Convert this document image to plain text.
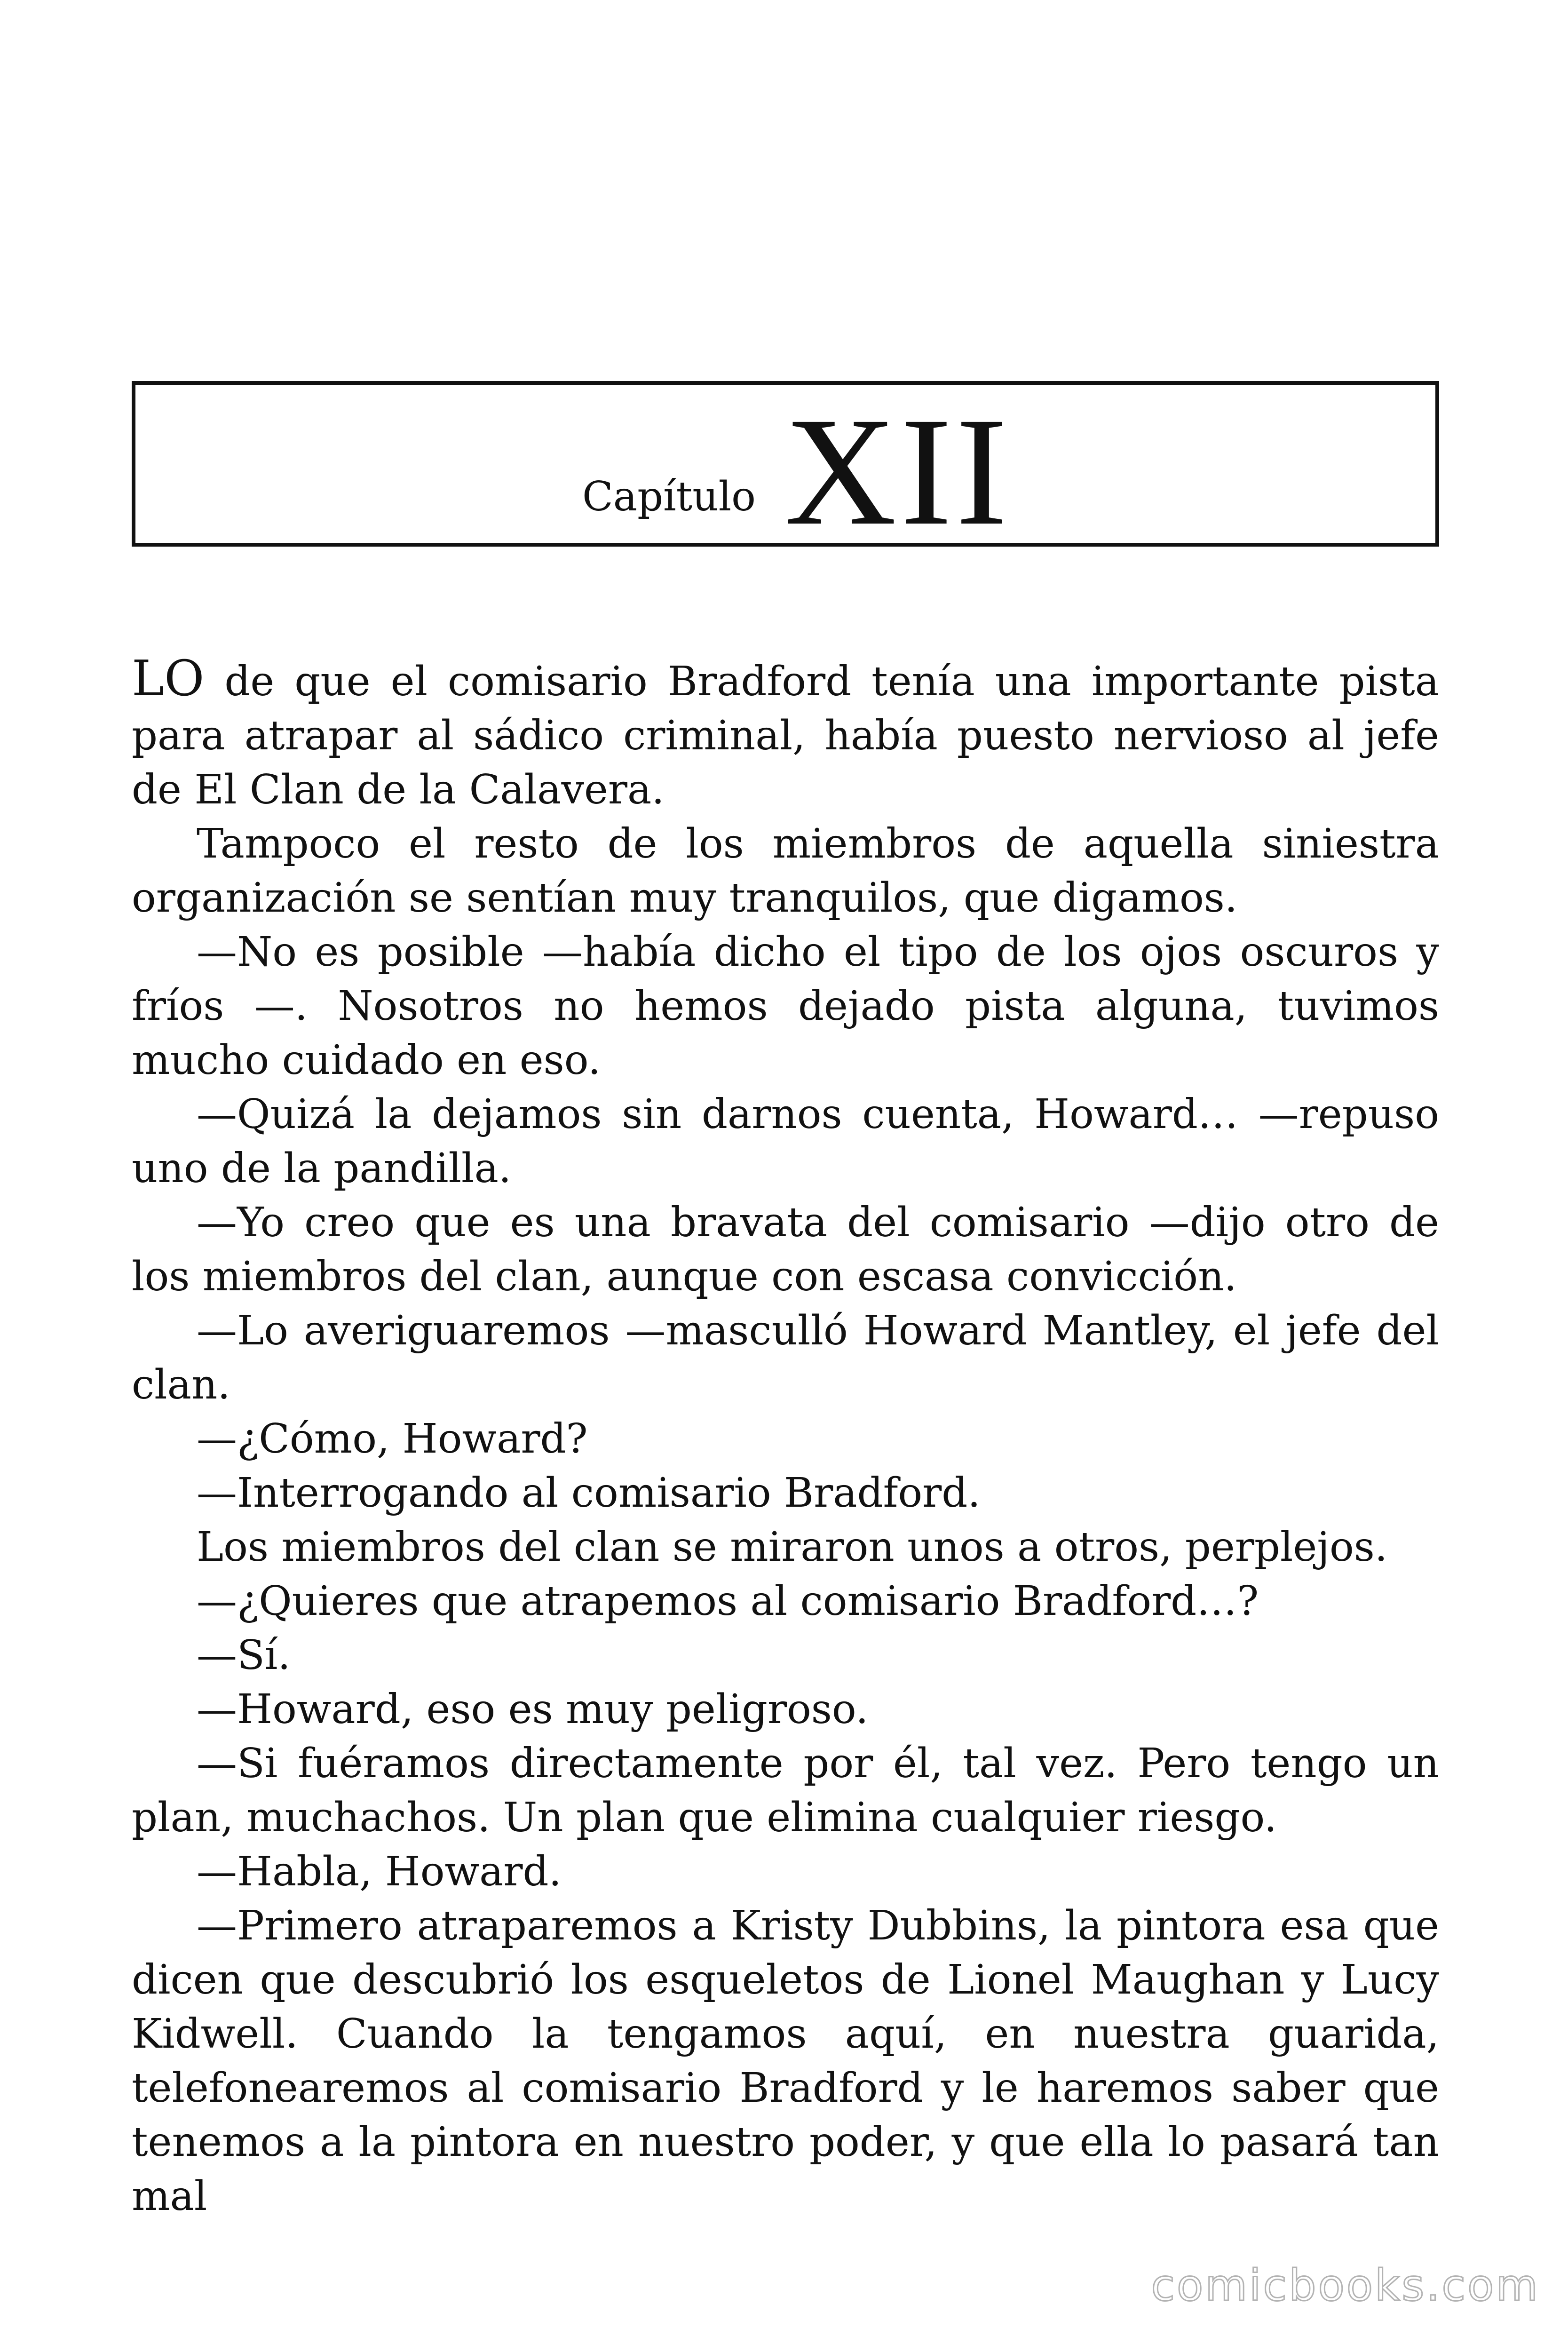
Capítulo XII

LO de que el comisario Bradford tenía una importante pista para atrapar al sádico criminal, había puesto nervioso al jefe de El Clan de la Calavera.

Tampoco el resto de los miembros de aquella siniestra organización se sentían muy tranquilos, que digamos.

—No es posible —había dicho el tipo de los ojos oscuros y fríos —. Nosotros no hemos dejado pista alguna, tuvimos mucho cuidado en eso.

—Quizá la dejamos sin darnos cuenta, Howard… —repuso uno de la pandilla.

—Yo creo que es una bravata del comisario —dijo otro de los miembros del clan, aunque con escasa convicción.

—Lo averiguaremos —masculló Howard Mantley, el jefe del clan.

—¿Cómo, Howard?

—Interrogando al comisario Bradford.

Los miembros del clan se miraron unos a otros, perplejos.

—¿Quieres que atrapemos al comisario Bradford…?

—Sí.

—Howard, eso es muy peligroso.

—Si fuéramos directamente por él, tal vez. Pero tengo un plan, muchachos. Un plan que elimina cualquier riesgo.

—Habla, Howard.

—Primero atraparemos a Kristy Dubbins, la pintora esa que dicen que descubrió los esqueletos de Lionel Maughan y Lucy Kidwell. Cuando la tengamos aquí, en nuestra guarida, telefonearemos al comisario Bradford y le haremos saber que tenemos a la pintora en nuestro poder, y que ella lo pasará tan mal

comicbooks.com
